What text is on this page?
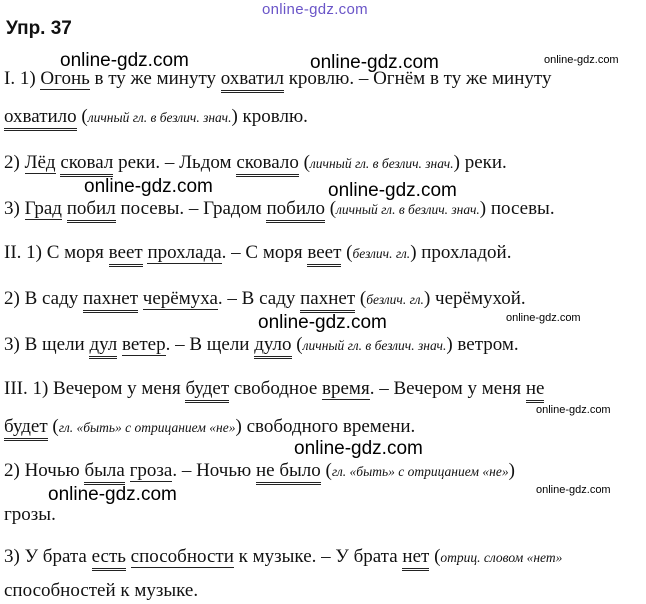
online-gdz.com
Упр. 37
online-gdz.com	online-gdz.com	online-gdz.com
I. 1) Огонь в ту же минуту охватил кровлю. – Огнём в ту же минуту
охватило (личный гл. в безлич. знач.) кровлю.
2) Лёд сковал реки. – Льдом сковало (личный гл. в безлич. знач.) реки.
online-gdz.com	online-gdz.com
3) Град побил посевы. – Градом побило (личный гл. в безлич. знач.) посевы.
II. 1) С моря веет прохлада. – С моря веет (безлич. гл.) прохладой.
2) В саду пахнет черёмуха. – В саду пахнет (безлич. гл.) черёмухой.
online-gdz.com	online-gdz.com
3) В щели дул ветер. – В щели дуло (личный гл. в безлич. знач.) ветром.
III. 1) Вечером у меня будет свободное время. – Вечером у меня не
online-gdz.com
будет (гл. «быть» с отрицанием «не») свободного времени.
online-gdz.com
2) Ночью была гроза. – Ночью не было (гл. «быть» с отрицанием «не»)
online-gdz.com	online-gdz.com
грозы.
3) У брата есть способности к музыке. – У брата нет (отриц. словом «нет»
способностей к музыке.
